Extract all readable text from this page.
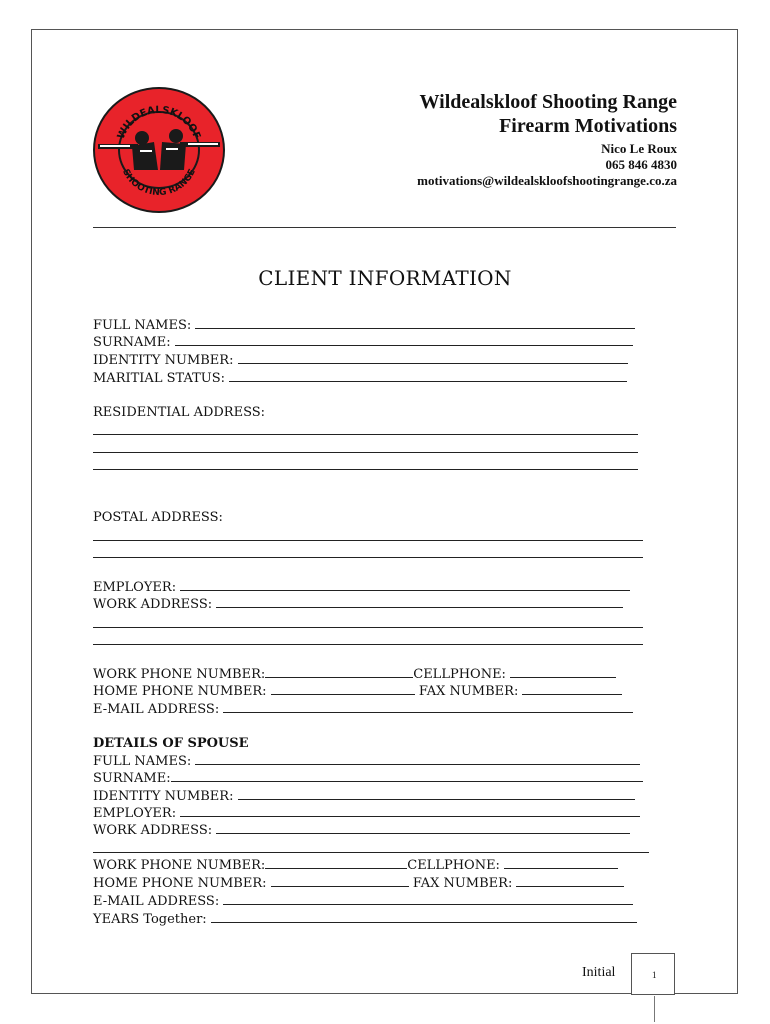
WILDEALSKLOOF
SHOOTING RANGE
Wildealskloof Shooting Range
Firearm Motivations
Nico Le Roux
065 846 4830
motivations@wildealskloofshootingrange.co.za
CLIENT INFORMATION
FULL NAMES:
SURNAME:
IDENTITY NUMBER:
MARITIAL STATUS:
RESIDENTIAL ADDRESS:
POSTAL ADDRESS:
EMPLOYER:
WORK ADDRESS:
WORK PHONE NUMBER:	CELLPHONE:
HOME PHONE NUMBER:	FAX NUMBER:
E-MAIL ADDRESS:
DETAILS OF SPOUSE
FULL NAMES:
SURNAME:
IDENTITY NUMBER:
EMPLOYER:
WORK ADDRESS:
WORK PHONE NUMBER:	CELLPHONE:
HOME PHONE NUMBER:	FAX NUMBER:
E-MAIL ADDRESS:
YEARS Together:
Initial	1
